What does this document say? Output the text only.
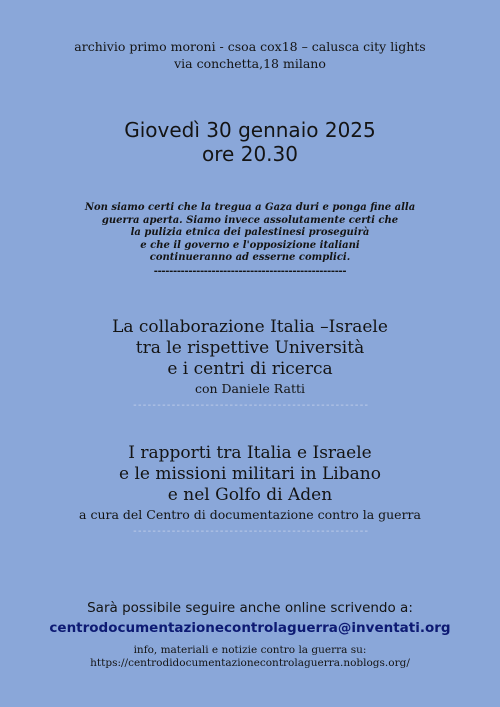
archivio primo moroni - csoa cox18 – calusca city lights
via conchetta,18 milano
Giovedì 30 gennaio 2025
ore 20.30
Non siamo certi che la tregua a Gaza duri e ponga fine alla
guerra aperta. Siamo invece assolutamente certi che
la pulizia etnica dei palestinesi proseguirà
e che il governo e l'opposizione italiani
continueranno ad esserne complici.
--------------------------------------------------
La collaborazione Italia –Israele
tra le rispettive Università
e i centri di ricerca
con Daniele Ratti
-------------------------------------------------
I rapporti tra Italia e Israele
e le missioni militari in Libano
e nel Golfo di Aden
a cura del Centro di documentazione contro la guerra
-------------------------------------------------
Sarà possibile seguire anche online scrivendo a:
centrodocumentazionecontrolaguerra@inventati.org
info, materiali e notizie contro la guerra su:
https://centrodidocumentazionecontrolaguerra.noblogs.org/
